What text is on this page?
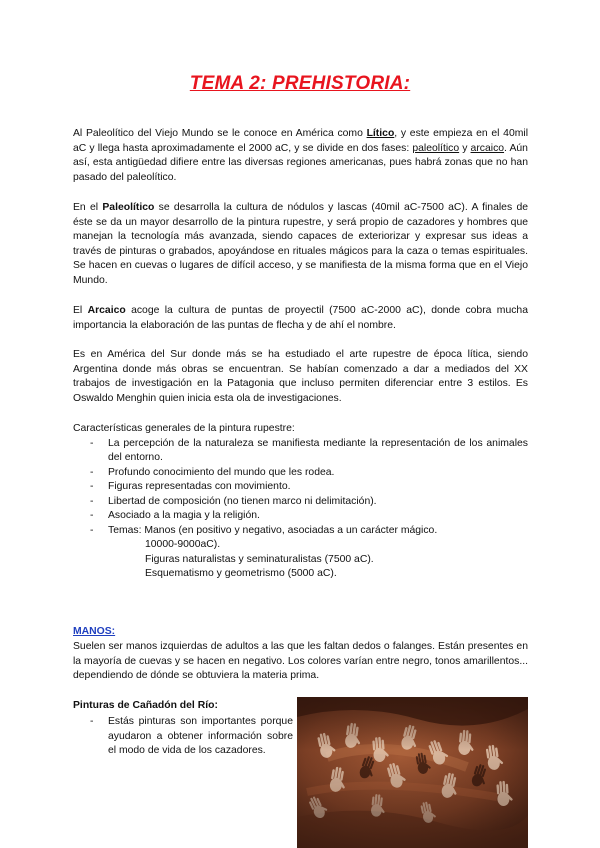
TEMA 2: PREHISTORIA:
Al Paleolítico del Viejo Mundo se le conoce en América como Lítico, y este empieza en el 40mil aC y llega hasta aproximadamente el 2000 aC, y se divide en dos fases: paleolítico y arcaico. Aún así, esta antigüedad difiere entre las diversas regiones americanas, pues habrá zonas que no han pasado del paleolítico.
En el Paleolítico se desarrolla la cultura de nódulos y lascas (40mil aC-7500 aC). A finales de éste se da un mayor desarrollo de la pintura rupestre, y será propio de cazadores y hombres que manejan la tecnología más avanzada, siendo capaces de exteriorizar y expresar sus ideas a través de pinturas o grabados, apoyándose en rituales mágicos para la caza o temas espirituales. Se hacen en cuevas o lugares de difícil acceso, y se manifiesta de la misma forma que en el Viejo Mundo.
El Arcaico acoge la cultura de puntas de proyectil (7500 aC-2000 aC), donde cobra mucha importancia la elaboración de las puntas de flecha y de ahí el nombre.
Es en América del Sur donde más se ha estudiado el arte rupestre de época lítica, siendo Argentina donde más obras se encuentran. Se habían comenzado a dar a mediados del XX trabajos de investigación en la Patagonia que incluso permiten diferenciar entre 3 estilos. Es Oswaldo Menghin quien inicia esta ola de investigaciones.
Características generales de la pintura rupestre:
- La percepción de la naturaleza se manifiesta mediante la representación de los animales del entorno.
- Profundo conocimiento del mundo que les rodea.
- Figuras representadas con movimiento.
- Libertad de composición (no tienen marco ni delimitación).
- Asociado a la magia y la religión.
- Temas: Manos (en positivo y negativo, asociadas a un carácter mágico.
10000-9000aC).
Figuras naturalistas y seminaturalistas (7500 aC).
Esquematismo y geometrismo (5000 aC).
MANOS:
Suelen ser manos izquierdas de adultos a las que les faltan dedos o falanges. Están presentes en la mayoría de cuevas y se hacen en negativo. Los colores varían entre negro, tonos amarillentos... dependiendo de dónde se obtuviera la materia prima.
Pinturas de Cañadón del Río:
- Estás pinturas son importantes porque ayudaron a obtener información sobre el modo de vida de los cazadores.
